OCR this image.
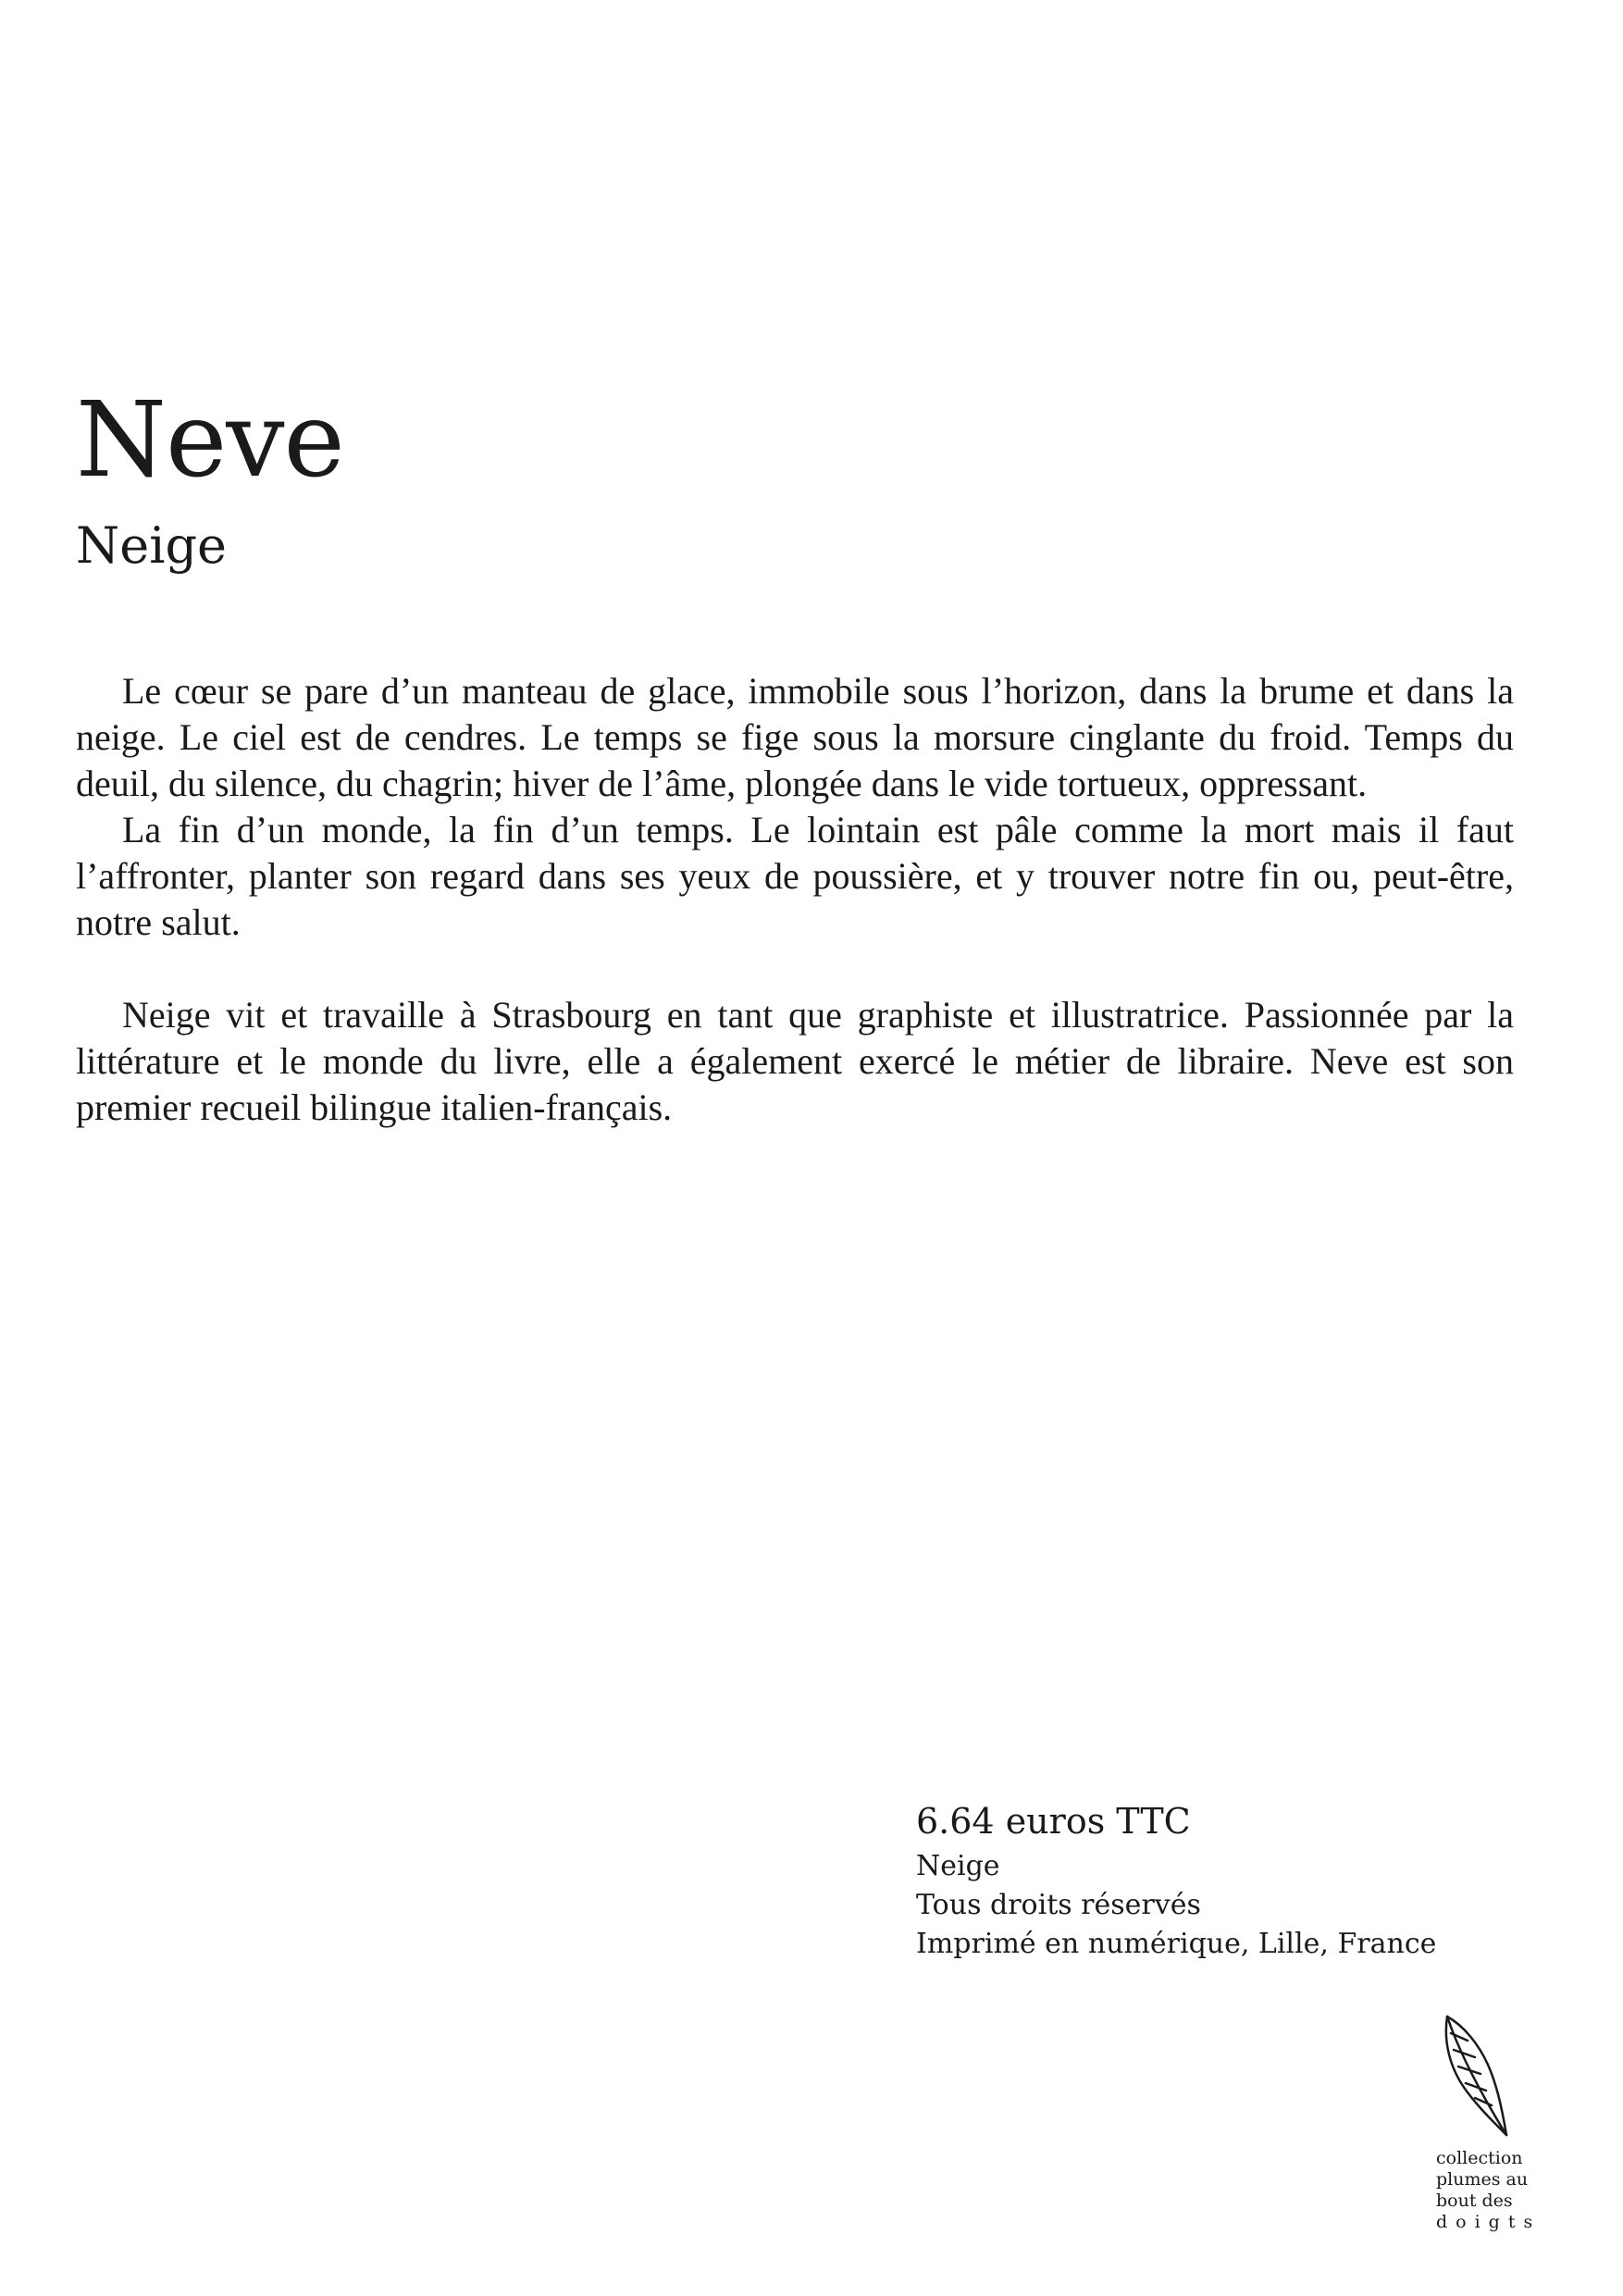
Neve
Neige

Le cœur se pare d’un manteau de glace, immobile sous l’horizon, dans la brume et dans la neige. Le ciel est de cendres. Le temps se fige sous la morsure cinglante du froid. Temps du deuil, du silence, du chagrin; hiver de l’âme, plongée dans le vide tortueux, oppressant.

La fin d’un monde, la fin d’un temps. Le lointain est pâle comme la mort mais il faut l’affronter, planter son regard dans ses yeux de poussière, et y trouver notre fin ou, peut-être, notre salut.

Neige vit et travaille à Strasbourg en tant que graphiste et illustratrice. Passionnée par la littérature et le monde du livre, elle a également exercé le métier de libraire. Neve est son premier recueil bilingue italien-français.

6.64 euros TTC

Neige

Tous droits réservés

Imprimé en numérique, Lille, France

collection

plumes au

bout des

doigts
